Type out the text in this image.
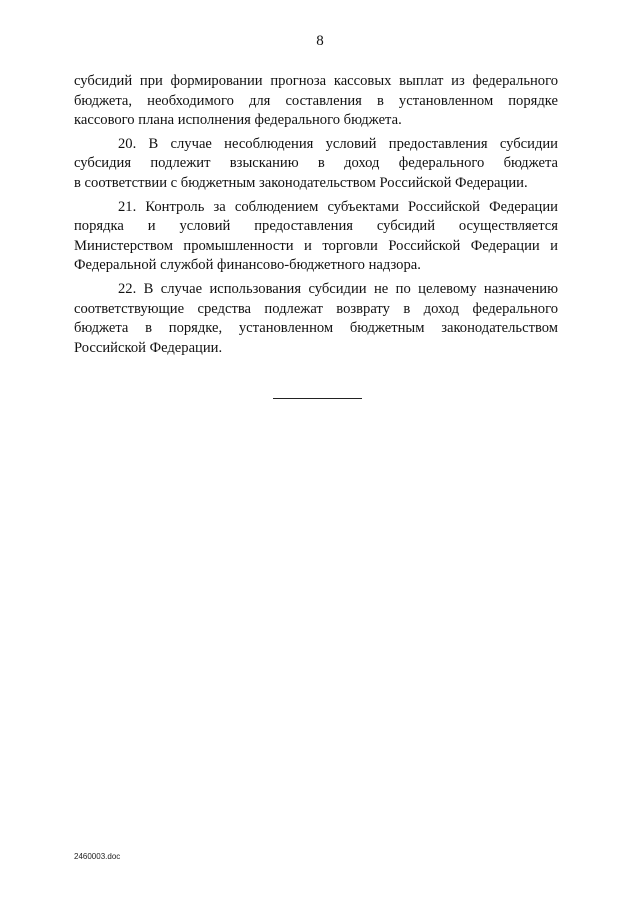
8
субсидий при формировании прогноза кассовых выплат из федерального
бюджета, необходимого для составления в установленном порядке
кассового плана исполнения федерального бюджета.
20. В случае несоблюдения условий предоставления субсидии
субсидия подлежит взысканию в доход федерального бюджета
в соответствии с бюджетным законодательством Российской Федерации.
21. Контроль за соблюдением субъектами Российской Федерации
порядка и условий предоставления субсидий осуществляется
Министерством промышленности и торговли Российской Федерации и
Федеральной службой финансово-бюджетного надзора.
22. В случае использования субсидии не по целевому назначению
соответствующие средства подлежат возврату в доход федерального
бюджета в порядке, установленном бюджетным законодательством
Российской Федерации.
2460003.doc
